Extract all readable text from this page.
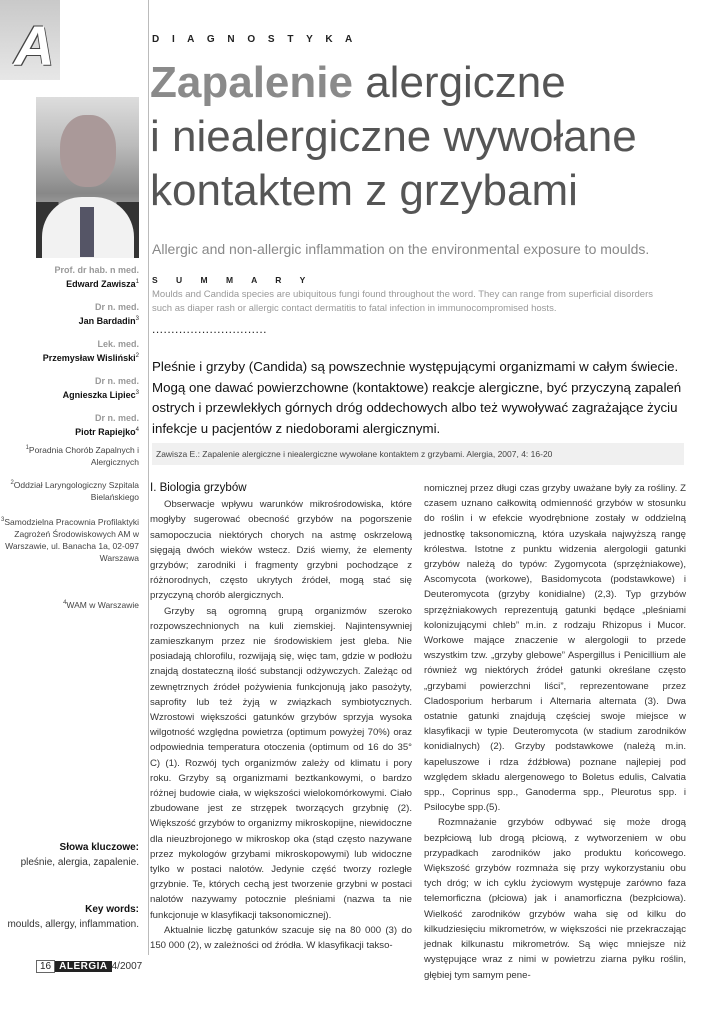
A	D I A G N O S T Y K A
Zapalenie alergiczne
i niealergiczne wywołane
kontaktem z grzybami
Allergic and non-allergic inflammation on the environmental exposure to moulds.
S U M M A R Y
Moulds and Candida species are ubiquitous fungi found throughout the word. They can range from superficial disorders such as diaper rash or allergic contact dermatitis to fatal infection in immunocompromised hosts.
..............................
Pleśnie i grzyby (Candida) są powszechnie występującymi organizmami w całym świecie. Mogą one dawać powierzchowne (kontaktowe) reakcje alergiczne, być przyczyną zapaleń ostrych i przewlekłych górnych dróg oddechowych albo też wywoływać zagrażające życiu infekcje u pacjentów z niedoborami alergicznymi.
Zawisza E.: Zapalenie alergiczne i niealergiczne wywołane kontaktem z grzybami. Alergia, 2007, 4: 16-20
Prof. dr hab. n med.
Edward Zawisza$^1$
Dr n. med.
Jan Bardadin$^3$
Lek. med.
Przemysław Wisliński$^2$
Dr n. med.
Agnieszka Lipiec$^3$
Dr n. med.
Piotr Rapiejko$^4$
$^1$Poradnia Chorób Zapalnych i Alergicznych
$^2$Oddział Laryngologiczny Szpitala Bielańskiego
$^3$Samodzielna Pracownia Profilaktyki Zagrożeń Środowiskowych AM w Warszawie, ul. Banacha 1a, 02-097 Warszawa
$^4$WAM w Warszawie
Słowa kluczowe:
pleśnie, alergia, zapalenie.
Key words:
moulds, allergy, inflammation.
I. Biologia grzybów

Obserwacje wpływu warunków mikrośrodowiska, które mogłyby sugerować obecność grzybów na pogorszenie samopoczucia niektórych chorych na astmę oskrzelową sięgają dwóch wieków wstecz. Dziś wiemy, że elementy grzybów; zarodniki i fragmenty grzybni pochodzące z różnorodnych, często ukrytych źródeł, mogą stać się przyczyną chorób alergicznych.

Grzyby są ogromną grupą organizmów szeroko rozpowszechnionych na kuli ziemskiej. Najintensywniej zamieszkanym przez nie środowiskiem jest gleba. Nie posiadają chlorofilu, rozwijają się, więc tam, gdzie w podłożu znajdą dostateczną ilość substancji odżywczych. Zależąc od zewnętrznych źródeł pożywienia funkcjonują jako pasożyty, saprofity lub też żyją w związkach symbiotycznych. Wzrostowi większości gatunków grzybów sprzyja wysoka wilgotność względna powietrza (optimum powyżej 70%) oraz odpowiednia temperatura otoczenia (optimum od 16 do 35° C) (1). Rozwój tych organizmów zależy od klimatu i pory roku. Grzyby są organizmami beztkankowymi, o bardzo różnej budowie ciała, w większości wielokomórkowymi. Ciało zbudowane jest ze strzępek tworzących grzybnię (2). Większość grzybów to organizmy mikroskopijne, niewidoczne dla nieuzbrojonego w mikroskop oka (stąd często nazywane przez mykologów grzybami mikroskopowymi) lub widoczne tylko w postaci nalotów. Jedynie część tworzy rozległe grzybnie. Te, których cechą jest tworzenie grzybni w postaci nalotów nazywamy potocznie pleśniami (nazwa ta nie funkcjonuje w klasyfikacji taksonomicznej).

Aktualnie liczbę gatunków szacuje się na 80 000 (3) do 150 000 (2), w zależności od źródła. W klasyfikacji takso-

nomicznej przez długi czas grzyby uważane były za rośliny. Z czasem uznano całkowitą odmienność grzybów w stosunku do roślin i w efekcie wyodrębnione zostały w oddzielną jednostkę taksonomiczną, która uzyskała najwyższą rangę królestwa. Istotne z punktu widzenia alergologii gatunki grzybów należą do typów: Zygomycota (sprzężniakowe), Ascomycota (workowe), Basidomycota (podstawkowe) i Deuteromycota (grzyby konidialne) (2,3). Typ grzybów sprzężniakowych reprezentują gatunki będące „pleśniami kolonizującymi chleb” m.in. z rodzaju Rhizopus i Mucor. Workowe mające znaczenie w alergologii to przede wszystkim tzw. „grzyby glebowe” Aspergillus i Penicillium ale również wg niektórych źródeł gatunki określane często „grzybami powierzchni liści”, reprezentowane przez Cladosporium herbarum i Alternaria alternata (3). Dwa ostatnie gatunki znajdują częściej swoje miejsce w klasyfikacji w typie Deuteromycota (w stadium zarodników konidialnych) (2). Grzyby podstawkowe (należą m.in. kapeluszowe i rdza źdźbłowa) poznane najlepiej pod względem składu alergenowego to Boletus edulis, Calvatia spp., Coprinus spp., Ganoderma spp., Pleurotus spp. i Psilocybe spp.(5).

Rozmnażanie grzybów odbywać się może drogą bezpłciową lub drogą płciową, z wytworzeniem w obu przypadkach zarodników jako produktu końcowego. Większość grzybów rozmnaża się przy wykorzystaniu obu tych dróg; w ich cyklu życiowym występuje zarówno faza telemorficzna (płciowa) jak i anamorficzna (bezpłciowa). Wielkość zarodników grzybów waha się od kilku do kilkudziesięciu mikrometrów, w większości nie przekraczając jednak kilkunastu mikrometrów. Są więc mniejsze niż występujące wraz z nimi w powietrzu ziarna pyłku roślin, głębiej tym samym pene-

16 ALERGIA 4/2007
